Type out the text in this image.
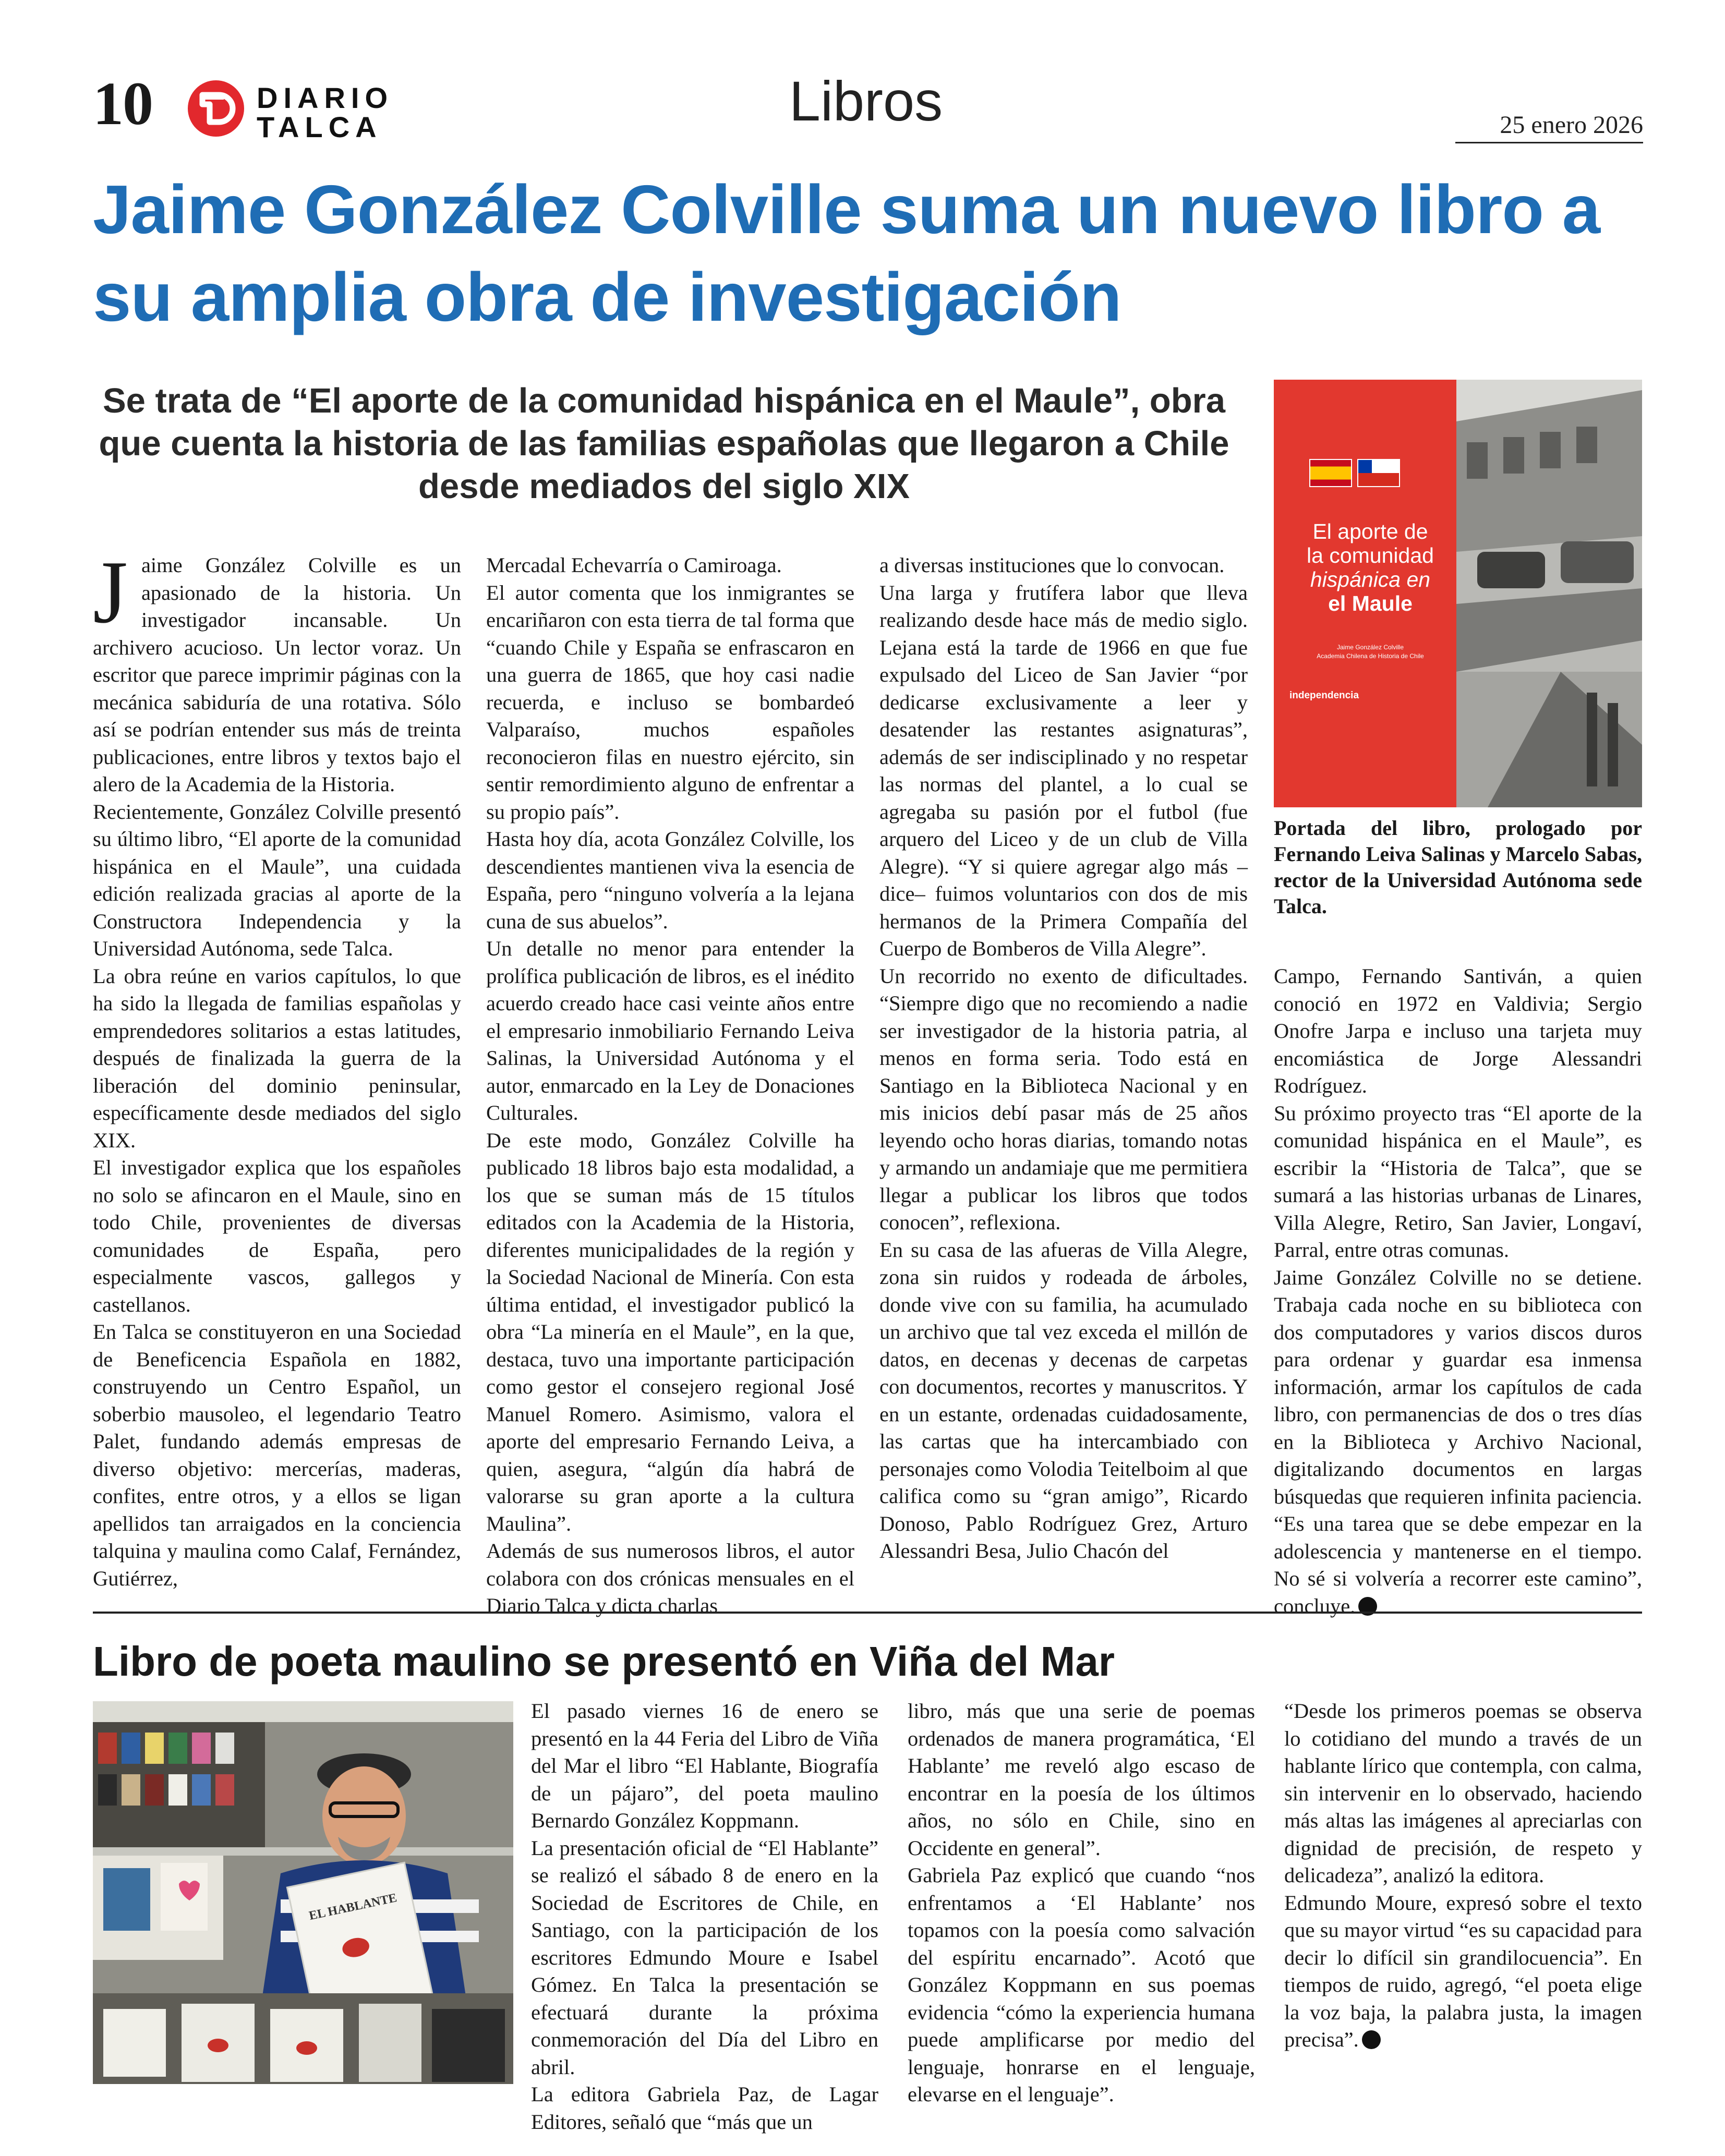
10	DIARIO
TALCA	Libros	25 enero 2026
Jaime González Colville suma un nuevo libro a su amplia obra de investigación
Se trata de “El aporte de la comunidad hispánica en el Maule”, obra que cuenta la historia de las familias españolas que llegaron a Chile desde mediados del siglo XIX

Jaime González Colville es un apasionado de la historia. Un investigador incansable. Un archivero acucioso. Un lector voraz. Un escritor que parece imprimir páginas con la mecánica sabiduría de una rotativa. Sólo así se podrían entender sus más de treinta publicaciones, entre libros y textos bajo el alero de la Academia de la Historia.

Recientemente, González Colville presentó su último libro, “El aporte de la comunidad hispánica en el Maule”, una cuidada edición realizada gracias al aporte de la Constructora Independencia y la Universidad Autónoma, sede Talca.

La obra reúne en varios capítulos, lo que ha sido la llegada de familias españolas y emprendedores solitarios a estas latitudes, después de finalizada la guerra de la liberación del dominio peninsular, específicamente desde mediados del siglo XIX.

El investigador explica que los españoles no solo se afincaron en el Maule, sino en todo Chile, provenientes de diversas comunidades de España, pero especialmente vascos, gallegos y castellanos.

En Talca se constituyeron en una Sociedad de Beneficencia Española en 1882, construyendo un Centro Español, un soberbio mausoleo, el legendario Teatro Palet, fundando además empresas de diverso objetivo: mercerías, maderas, confites, entre otros, y a ellos se ligan apellidos tan arraigados en la conciencia talquina y maulina como Calaf, Fernández, Gutiérrez,

Mercadal Echevarría o Camiroaga.

El autor comenta que los inmigrantes se encariñaron con esta tierra de tal forma que “cuando Chile y España se enfrascaron en una guerra de 1865, que hoy casi nadie recuerda, e incluso se bombardeó Valparaíso, muchos españoles reconocieron filas en nuestro ejército, sin sentir remordimiento alguno de enfrentar a su propio país”.

Hasta hoy día, acota González Colville, los descendientes mantienen viva la esencia de España, pero “ninguno volvería a la lejana cuna de sus abuelos”.

Un detalle no menor para entender la prolífica publicación de libros, es el inédito acuerdo creado hace casi veinte años entre el empresario inmobiliario Fernando Leiva Salinas, la Universidad Autónoma y el autor, enmarcado en la Ley de Donaciones Culturales.

De este modo, González Colville ha publicado 18 libros bajo esta modalidad, a los que se suman más de 15 títulos editados con la Academia de la Historia, diferentes municipalidades de la región y la Sociedad Nacional de Minería. Con esta última entidad, el investigador publicó la obra “La minería en el Maule”, en la que, destaca, tuvo una importante participación como gestor el consejero regional José Manuel Romero. Asimismo, valora el aporte del empresario Fernando Leiva, a quien, asegura, “algún día habrá de valorarse su gran aporte a la cultura Maulina”.

Además de sus numerosos libros, el autor colabora con dos crónicas mensuales en el Diario Talca y dicta charlas

a diversas instituciones que lo convocan.

Una larga y frutífera labor que lleva realizando desde hace más de medio siglo. Lejana está la tarde de 1966 en que fue expulsado del Liceo de San Javier “por dedicarse exclusivamente a leer y desatender las restantes asignaturas”, además de ser indisciplinado y no respetar las normas del plantel, a lo cual se agregaba su pasión por el futbol (fue arquero del Liceo y de un club de Villa Alegre). “Y si quiere agregar algo más –dice– fuimos voluntarios con dos de mis hermanos de la Primera Compañía del Cuerpo de Bomberos de Villa Alegre”.

Un recorrido no exento de dificultades. “Siempre digo que no recomiendo a nadie ser investigador de la historia patria, al menos en forma seria. Todo está en Santiago en la Biblioteca Nacional y en mis inicios debí pasar más de 25 años leyendo ocho horas diarias, tomando notas y armando un andamiaje que me permitiera llegar a publicar los libros que todos conocen”, reflexiona.

En su casa de las afueras de Villa Alegre, zona sin ruidos y rodeada de árboles, donde vive con su familia, ha acumulado un archivo que tal vez exceda el millón de datos, en decenas y decenas de carpetas con documentos, recortes y manuscritos. Y en un estante, ordenadas cuidadosamente, las cartas que ha intercambiado con personajes como Volodia Teitelboim al que califica como su “gran amigo”, Ricardo Donoso, Pablo Rodríguez Grez, Arturo Alessandri Besa, Julio Chacón del

El aporte de
la comunidad
hispánica en
el Maule
Jaime González Colville
Academia Chilena de Historia de Chile
independencia
Portada del libro, prologado por Fernando Leiva Salinas y Marcelo Sabas, rector de la Universidad Autónoma sede Talca.

Campo, Fernando Santiván, a quien conoció en 1972 en Valdivia; Sergio Onofre Jarpa e incluso una tarjeta muy encomiástica de Jorge Alessandri Rodríguez.

Su próximo proyecto tras “El aporte de la comunidad hispánica en el Maule”, es escribir la “Historia de Talca”, que se sumará a las historias urbanas de Linares, Villa Alegre, Retiro, San Javier, Longaví, Parral, entre otras comunas.

Jaime González Colville no se detiene. Trabaja cada noche en su biblioteca con dos computadores y varios discos duros para ordenar y guardar esa inmensa información, armar los capítulos de cada libro, con permanencias de dos o tres días en la Biblioteca y Archivo Nacional, digitalizando documentos en largas búsquedas que requieren infinita paciencia. “Es una tarea que se debe empezar en la adolescencia y mantenerse en el tiempo. No sé si volvería a recorrer este camino”, concluye.

Libro de poeta maulino se presentó en Viña del Mar
EL HABLANTE

El pasado viernes 16 de enero se presentó en la 44 Feria del Libro de Viña del Mar el libro “El Hablante, Biografía de un pájaro”, del poeta maulino Bernardo González Koppmann.

La presentación oficial de “El Hablante” se realizó el sábado 8 de enero en la Sociedad de Escritores de Chile, en Santiago, con la participación de los escritores Edmundo Moure e Isabel Gómez. En Talca la presentación se efectuará durante la próxima conmemoración del Día del Libro en abril.

La editora Gabriela Paz, de Lagar Editores, señaló que “más que un

libro, más que una serie de poemas ordenados de manera programática, ‘El Hablante’ me reveló algo escaso de encontrar en la poesía de los últimos años, no sólo en Chile, sino en Occidente en general”.

Gabriela Paz explicó que cuando “nos enfrentamos a ‘El Hablante’ nos topamos con la poesía como salvación del espíritu encarnado”. Acotó que González Koppmann en sus poemas evidencia “cómo la experiencia humana puede amplificarse por medio del lenguaje, honrarse en el lenguaje, elevarse en el lenguaje”.

“Desde los primeros poemas se observa lo cotidiano del mundo a través de un hablante lírico que contempla, con calma, sin intervenir en lo observado, haciendo más altas las imágenes al apreciarlas con dignidad de precisión, de respeto y delicadeza”, analizó la editora.

Edmundo Moure, expresó sobre el texto que su mayor virtud “es su capacidad para decir lo difícil sin grandilocuencia”. En tiempos de ruido, agregó, “el poeta elige la voz baja, la palabra justa, la imagen precisa”.
